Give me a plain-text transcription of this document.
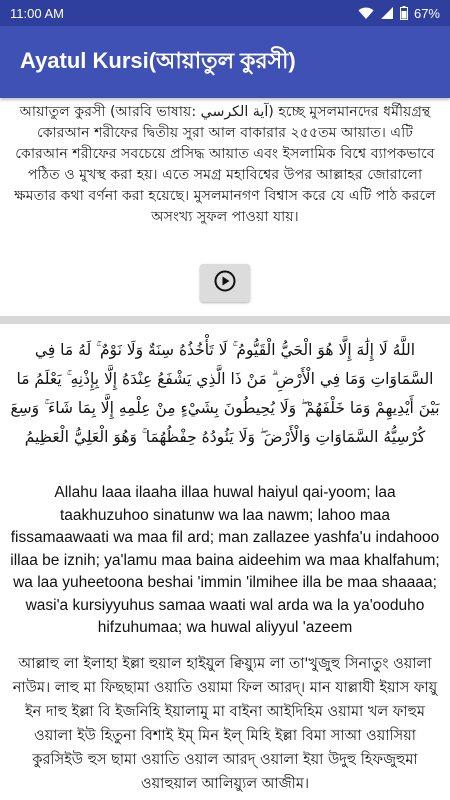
11:00 AM	67%
Ayatul Kursi(আয়াতুল কুরসী)
আয়াতুল কুরসী (আরবি ভাষায়: آية الكرسي) হচ্ছে মুসলমানদের ধর্মীয়গ্রন্থ কোরআন শরীফের দ্বিতীয় সুরা আল বাকারার ২৫৫তম আয়াত। এটি কোরআন শরীফের সবচেয়ে প্রসিদ্ধ আয়াত এবং ইসলামিক বিশ্বে ব্যাপকভাবে পঠিত ও মুখস্থ করা হয়। এতে সমগ্র মহাবিশ্বের উপর আল্লাহর জোরালো ক্ষমতার কথা বর্ণনা করা হয়েছে। মুসলমানগণ বিশ্বাস করে যে এটি পাঠ করলে অসংখ্য সুফল পাওয়া যায়।
اللَّهُ لَا إِلَٰهَ إِلَّا هُوَ الْحَيُّ الْقَيُّومُ ۚ لَا تَأْخُذُهُ سِنَةٌ وَلَا نَوْمٌ ۚ لَهُ مَا فِي السَّمَاوَاتِ وَمَا فِي الْأَرْضِ ۗ مَنْ ذَا الَّذِي يَشْفَعُ عِنْدَهُ إِلَّا بِإِذْنِهِ ۚ يَعْلَمُ مَا بَيْنَ أَيْدِيهِمْ وَمَا خَلْفَهُمْ ۖ وَلَا يُحِيطُونَ بِشَيْءٍ مِنْ عِلْمِهِ إِلَّا بِمَا شَاءَ ۚ وَسِعَ كُرْسِيُّهُ السَّمَاوَاتِ وَالْأَرْضَ ۖ وَلَا يَئُودُهُ حِفْظُهُمَا ۚ وَهُوَ الْعَلِيُّ الْعَظِيمُ
Allahu laaa ilaaha illaa huwal haiyul qai-yoom; laa taakhuzuhoo sinatunw wa laa nawm; lahoo maa fissamaawaati wa maa fil ard; man zallazee yashfa'u indahooo illaa be iznih; ya'lamu maa baina aideehim wa maa khalfahum; wa laa yuheetoona beshai 'immin 'ilmihee illa be maa shaaaa; wasi'a kursiyyuhus samaa waati wal arda wa la ya'ooduho hifzuhumaa; wa huwal aliyyul 'azeem
আল্লাহু লা ইলাহা ইল্লা হুয়াল হাইয়ুল ক্বিয়্যুম লা তা'খুজুহু সিনাতুং ওয়ালা নাউম। লাহু মা ফিছছামা ওয়াতি ওয়ামা ফিল আরদ্। মান যাল্লাযী ইয়াস ফায়ু ইন দাহু ইল্লা বি ইজনিহি ইয়ালামু মা বাইনা আইদিহিম ওয়ামা খল ফাহুম ওয়ালা ইউ হিতুনা বিশাই ইম্ মিন ইল্ মিহি ইল্লা বিমা সাআ ওয়াসিয়া কুরসিইউ হুস ছামা ওয়াতি ওয়াল আরদ্ ওয়ালা ইয়া উদুহু হিফজুহুমা ওয়াহুয়াল আলিয়্যুল আজীম।
